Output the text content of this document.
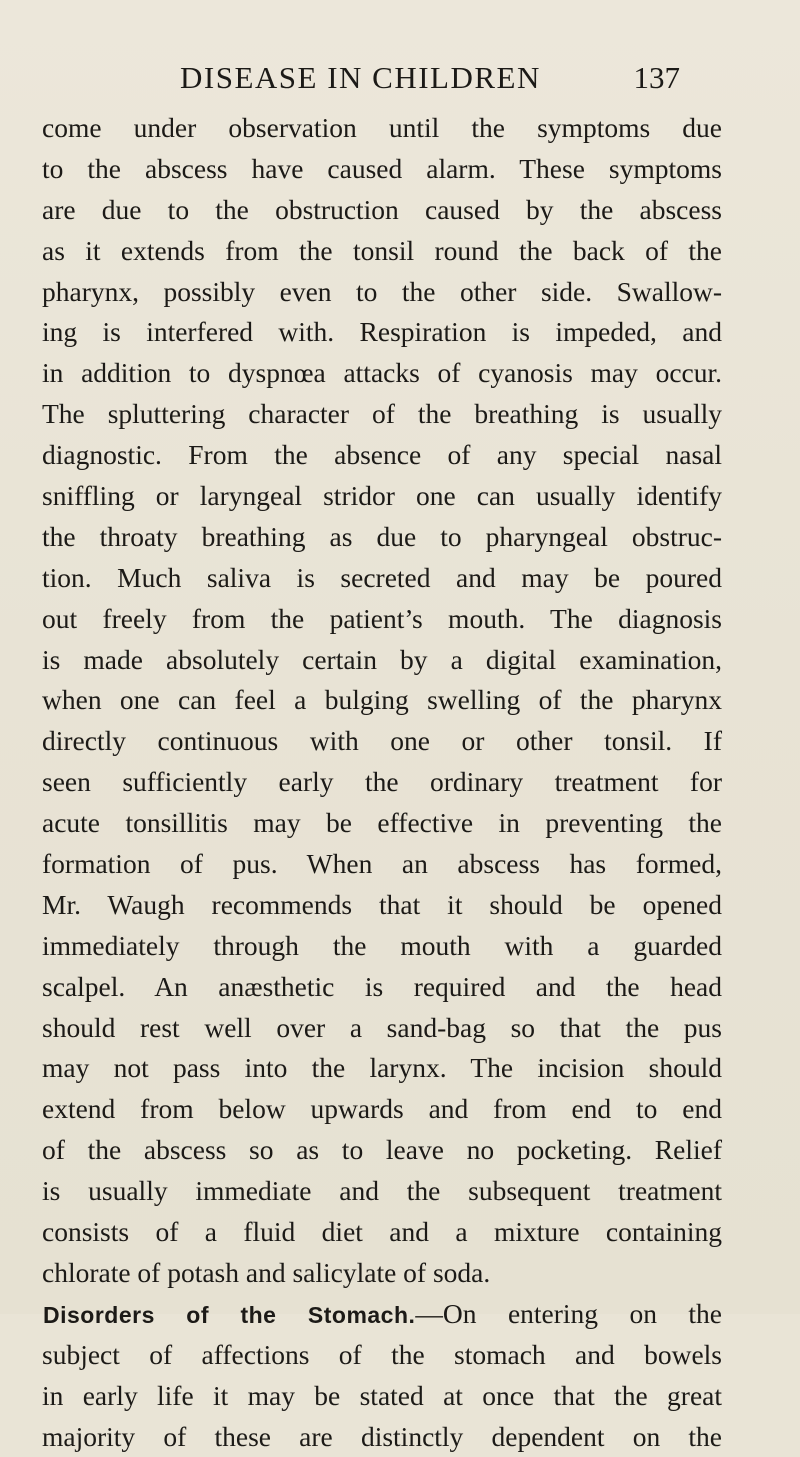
DISEASE IN CHILDREN	137
come under observation until the symptoms due
to the abscess have caused alarm. These symptoms
are due to the obstruction caused by the abscess
as it extends from the tonsil round the back of the
pharynx, possibly even to the other side. Swallow-
ing is interfered with. Respiration is impeded, and
in addition to dyspnœa attacks of cyanosis may occur.
The spluttering character of the breathing is usually
diagnostic. From the absence of any special nasal
sniffling or laryngeal stridor one can usually identify
the throaty breathing as due to pharyngeal obstruc-
tion. Much saliva is secreted and may be poured
out freely from the patient’s mouth. The diagnosis
is made absolutely certain by a digital examination,
when one can feel a bulging swelling of the pharynx
directly continuous with one or other tonsil. If
seen sufficiently early the ordinary treatment for
acute tonsillitis may be effective in preventing the
formation of pus. When an abscess has formed,
Mr. Waugh recommends that it should be opened
immediately through the mouth with a guarded
scalpel. An anæsthetic is required and the head
should rest well over a sand-bag so that the pus
may not pass into the larynx. The incision should
extend from below upwards and from end to end
of the abscess so as to leave no pocketing. Relief
is usually immediate and the subsequent treatment
consists of a fluid diet and a mixture containing
chlorate of potash and salicylate of soda.
Disorders of the Stomach.—On entering on the
subject of affections of the stomach and bowels
in early life it may be stated at once that the great
majority of these are distinctly dependent on the
